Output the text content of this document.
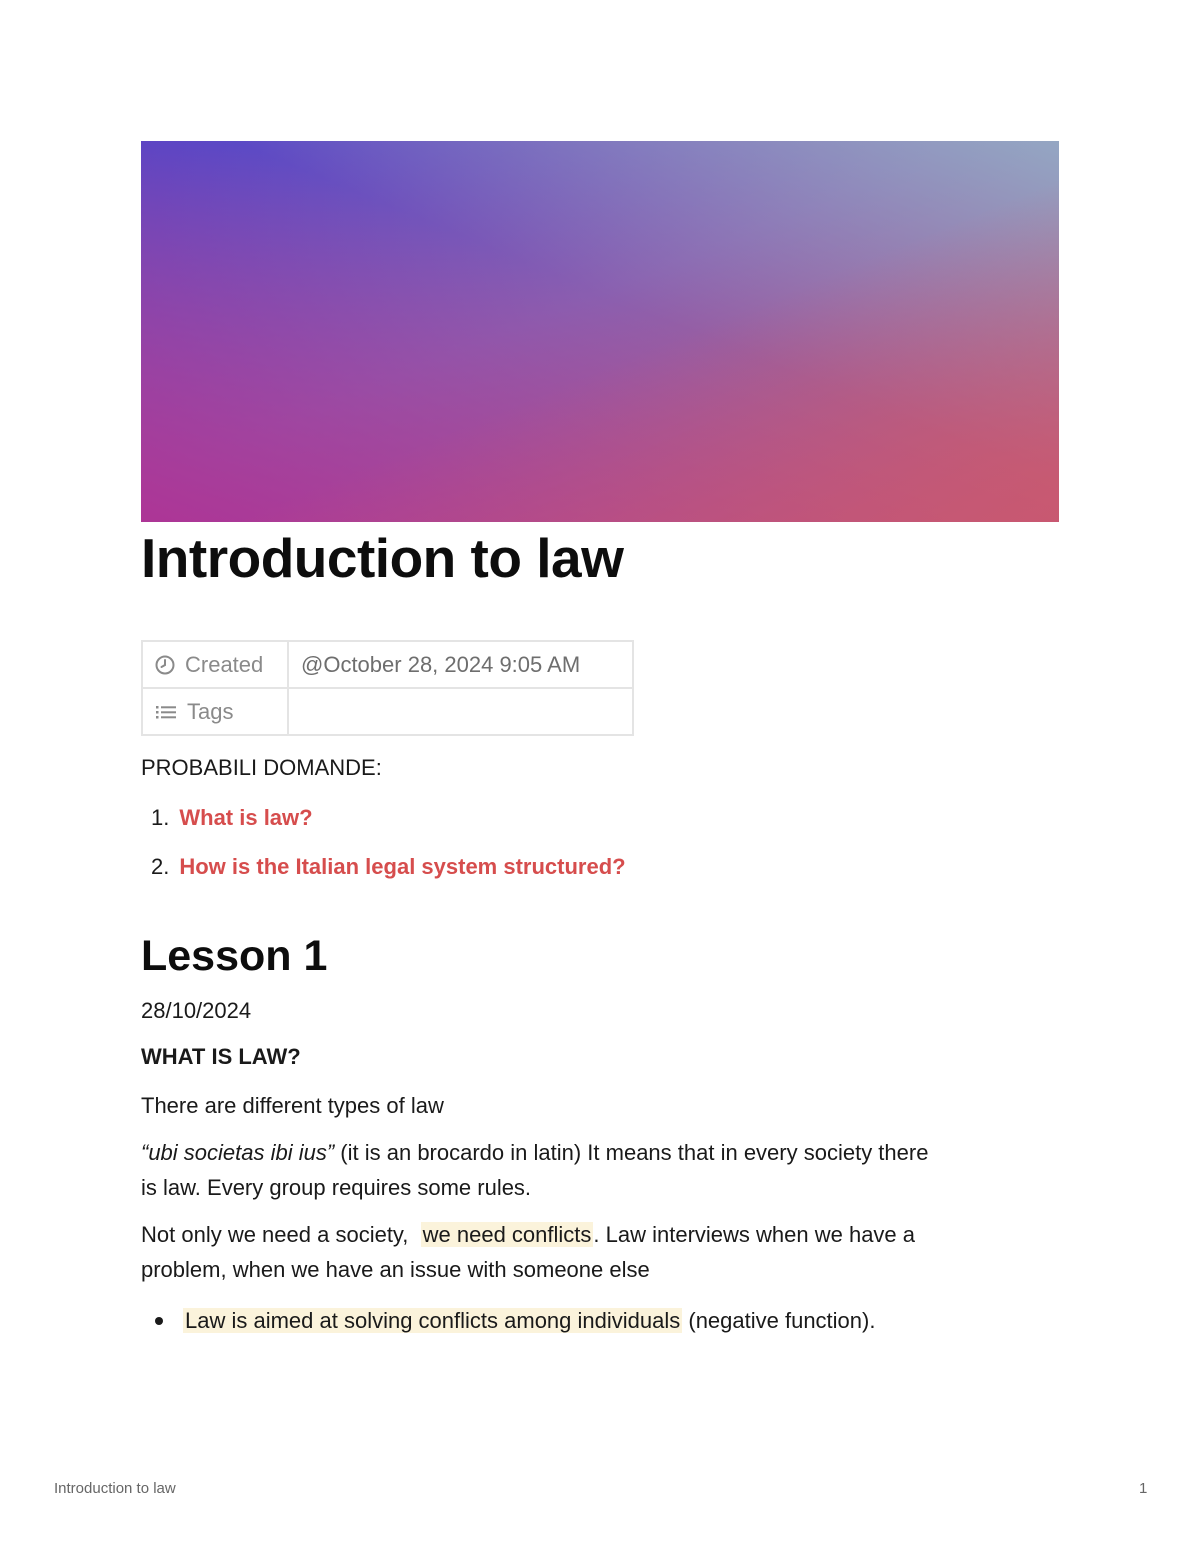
Introduction to law
Created	@October 28, 2024 9:05 AM

Tags	

PROBABILI DOMANDE:

1. What is law?
2. How is the Italian legal system structured?
Lesson 1

28/10/2024

WHAT IS LAW?

There are different types of law

“ubi societas ibi ius” (it is an brocardo in latin) It means that in every society there
is law. Every group requires some rules.

Not only we need a society,  we need conflicts. Law interviews when we have a
problem, when we have an issue with someone else

Law is aimed at solving conflicts among individuals (negative function).
Introduction to law	1
